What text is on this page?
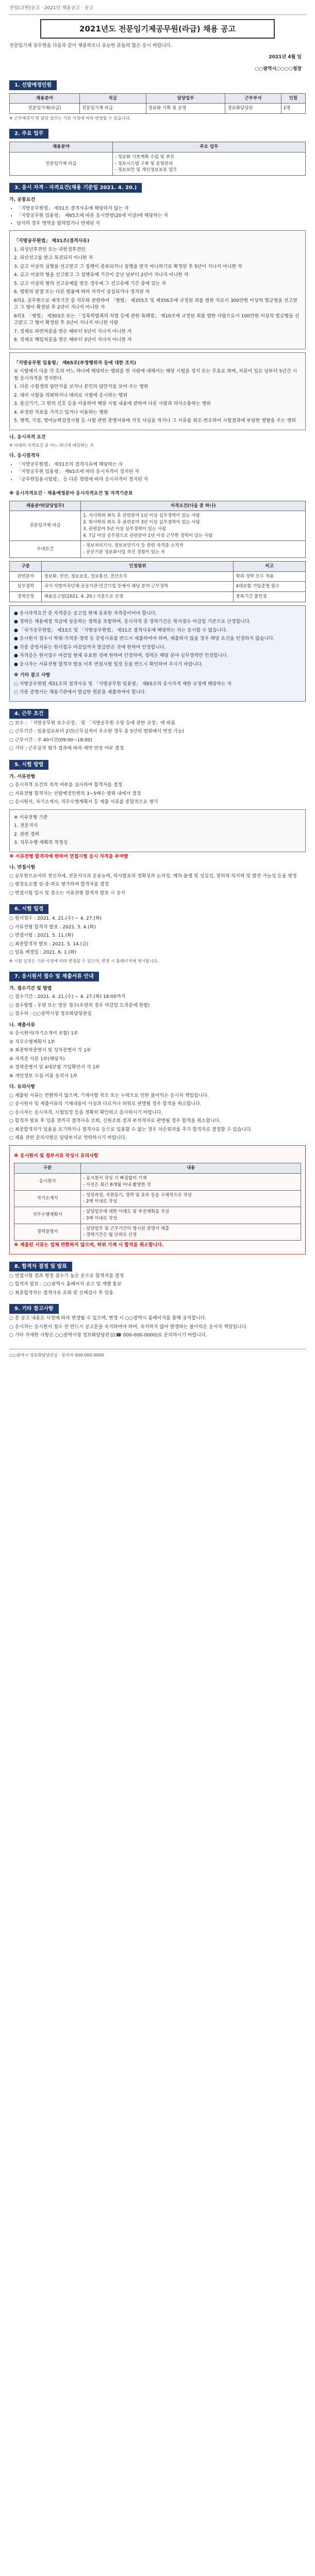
전임(교원)공고 · 2021년 채용공고 · 공고
2021년도 전문임기제공무원(라급) 채용 공고

전문임기제 공무원을 다음과 같이 채용하오니 유능한 분들의 많은 응시 바랍니다.

2021년 4월 일
○○광역시○○○○청장
1. 선발예정인원
채용분야	직급	담당업무	근무부서	인원
전문임기제(라급)	전문임기제 라급	정보화 기획 및 운영	정보화담당관	1명

※ 근무예정지 및 담당 업무는 기관 사정에 따라 변경될 수 있습니다.

2. 주요 업무
채용분야	주요 업무
전문임기제 라급	- 정보화 기본계획 수립 및 추진
- 정보시스템 구축 및 운영관리
- 정보보안 및 개인정보보호 업무
3. 응시 자격 · 자격요건(채용 기준일 2021. 4. 20.)
가. 공통요건
• 「지방공무원법」 제31조 결격사유에 해당하지 않는 자
• 「지방공무원 임용령」 제65조에 따른 응시연령(20세 이상)에 해당하는 자
• 남자의 경우 병역을 필하였거나 면제된 자
「지방공무원법」 제31조(결격사유)

1. 피성년후견인 또는 피한정후견인

2. 파산선고를 받고 복권되지 아니한 자

3. 금고 이상의 실형을 선고받고 그 집행이 종료되거나 집행을 받지 아니하기로 확정된 후 5년이 지나지 아니한 자

4. 금고 이상의 형을 선고받고 그 집행유예 기간이 끝난 날부터 2년이 지나지 아니한 자

5. 금고 이상의 형의 선고유예를 받은 경우에 그 선고유예 기간 중에 있는 자

6. 법원의 판결 또는 다른 법률에 따라 자격이 상실되거나 정지된 자

6의2. 공무원으로 재직기간 중 직무와 관련하여 「형법」 제355조 및 제356조에 규정된 죄를 범한 자로서 300만원 이상의 벌금형을 선고받고 그 형이 확정된 후 2년이 지나지 아니한 자

6의3. 「형법」 제303조 또는 「성폭력범죄의 처벌 등에 관한 특례법」 제10조에 규정된 죄를 범한 사람으로서 100만원 이상의 벌금형을 선고받고 그 형이 확정된 후 3년이 지나지 아니한 사람

7. 징계로 파면처분을 받은 때부터 5년이 지나지 아니한 자

8. 징계로 해임처분을 받은 때부터 3년이 지나지 아니한 자

「지방공무원 임용령」 제65조(부정행위자 등에 대한 조치)

① 시험에서 다음 각 호의 어느 하나에 해당하는 행위를 한 사람에 대해서는 해당 시험을 정지 또는 무효로 하며, 처분이 있은 날부터 5년간 시험 응시자격을 정지한다.

1. 다른 수험생의 답안지를 보거나 본인의 답안지를 보여 주는 행위

2. 대리 시험을 의뢰하거나 대리로 시험에 응시하는 행위

3. 통신기기, 그 밖의 신호 등을 이용하여 해당 시험 내용에 관하여 다른 사람과 의사소통하는 행위

4. 부정한 자료를 가지고 있거나 이용하는 행위

5. 병역, 가점, 영어능력검정시험 등 시험 관련 증명서류에 거짓 사실을 적거나 그 서류를 위조·변조하여 시험결과에 부당한 영향을 주는 행위

나. 응시자격 요건

※ 아래의 자격요건 중 어느 하나에 해당하는 자

다. 응시결격자
• 「지방공무원법」 제31조의 결격사유에 해당하는 자
• 「지방공무원 임용령」 제65조에 따라 응시자격이 정지된 자
• 「공무원임용시험령」 등 다른 법령에 따라 응시자격이 정지된 자
※ 응시자격요건 · 채용예정분야 응시자격요건 및 자격기준표
채용분야(담당업무)	자격요건(다음 중 하나)
전문임기제 라급	1. 석사학위 취득 후 관련분야 1년 이상 실무경력이 있는 사람
2. 학사학위 취득 후 관련분야 3년 이상 실무경력이 있는 사람
3. 관련분야 5년 이상 실무경력이 있는 사람
4. 7급 이상 공무원으로 관련분야 1년 이상 근무한 경력이 있는 사람
우대요건	- 정보처리기사, 정보보안기사 등 관련 자격증 소지자
- 공공기관 정보화사업 추진 경험이 있는 자
구분	인정범위	비고
관련분야	정보화, 전산, 정보보호, 정보통신, 전산조직	학위·경력 모두 적용
실무경력	국가·지방자치단체·공공기관·민간기업 등에서 해당 분야 근무경력	4대보험 가입증명 필수
경력산정	채용공고일(2021. 4. 20.) 기준으로 산정	중복기간 불인정

● 응시자격요건 중 자격증은 공고일 현재 유효한 자격증이어야 합니다.

● 경력은 채용예정 직급에 상응하는 경력을 포함하며, 응시자격 중 경력기간은 원서접수 마감일 기준으로 산정합니다.

● 「국가공무원법」 제33조 및 「지방공무원법」 제31조 결격사유에 해당하는 자는 응시할 수 없습니다.

● 응시원서 접수시 학위·자격증·경력 등 증빙서류를 반드시 제출하여야 하며, 제출하지 않을 경우 해당 요건을 인정하지 않습니다.

● 각종 증빙서류는 원서접수 마감일까지 발급받은 것에 한하여 인정합니다.

● 자격증은 원서접수 마감일 현재 유효한 것에 한하여 인정하며, 경력은 해당 분야 실무경력만 인정합니다.

● 응시자는 서류전형 합격자 발표 이후 면접시험 일정 등을 반드시 확인하여 주시기 바랍니다.

※ 기타 참고 사항

○ 지방공무원법 제31조의 결격사유 및 「지방공무원 임용령」 제65조의 응시자격 제한 규정에 해당하는 자

○ 각종 증명서는 채용기관에서 발급한 원본을 제출하여야 합니다.

4. 근무 조건

○ 보수 : 「지방공무원 보수규정」 및 「지방공무원 수당 등에 관한 규정」에 따름

○ 근무기간 : 임용일로부터 2년(근무실적이 우수한 경우 총 5년의 범위에서 연장 가능)

○ 근무시간 : 주 40시간(09:00~18:00)

○ 기타 : 근무실적 평가 결과에 따라 계약 연장 여부 결정

5. 시험 방법
가. 서류전형

○ 응시자격 요건의 적격 여부를 심사하여 합격자를 결정

○ 서류전형 합격자는 선발예정인원의 3~5배수 범위 내에서 결정

○ 응시원서, 자기소개서, 직무수행계획서 등 제출 서류를 종합적으로 평가

※ 서류전형 기준

1. 전문지식

2. 관련 경력

3. 직무수행 계획의 적정성

※ 서류전형 합격자에 한하여 면접시험 응시 자격을 부여함

나. 면접시험

○ 공무원으로서의 정신자세, 전문지식과 응용능력, 의사발표의 정확성과 논리성, 예의·품행 및 성실성, 창의력·의지력 및 발전 가능성 등을 평정

○ 평정요소별 상·중·하로 평가하여 합격자를 결정

○ 면접시험 일시 및 장소는 서류전형 합격자 발표 시 공지

6. 시험 일정

○ 원서접수 : 2021. 4. 21.(수) ~ 4. 27.(화)

○ 서류전형 합격자 발표 : 2021. 5. 4.(화)

○ 면접시험 : 2021. 5. 11.(화)

○ 최종합격자 발표 : 2021. 5. 14.(금)

○ 임용 예정일 : 2021. 6. 1.(화)

※ 시험 일정은 기관 사정에 따라 변경될 수 있으며, 변경 시 홈페이지에 게시합니다.

7. 응시원서 접수 및 제출서류 안내
가. 접수기간 및 방법

○ 접수기간 : 2021. 4. 21.(수) ~ 4. 27.(화) 18:00까지

○ 접수방법 : 우편 또는 방문 접수(우편의 경우 마감일 도착분에 한함)

○ 접수처 : ○○광역시청 정보화담당관실

나. 제출서류

① 응시원서(자기소개서 포함) 1부

② 직무수행계획서 1부

③ 최종학력증명서 및 성적증명서 각 1부

④ 자격증 사본 1부(해당자)

⑤ 경력증명서 및 4대보험 가입확인서 각 1부

⑥ 개인정보 수집·이용 동의서 1부

다. 유의사항

○ 제출된 서류는 반환하지 않으며, 기재사항 착오 또는 누락으로 인한 불이익은 응시자 책임입니다.

○ 응시원서 및 제출서류의 기재내용이 사실과 다르거나 허위로 판명될 경우 합격을 취소합니다.

○ 응시자는 응시자격, 시험일정 등을 정확히 확인하고 응시하시기 바랍니다.

○ 합격자 발표 후 임용 전까지 결격사유 조회, 신원조회 결과 부적격자로 판명될 경우 합격을 취소합니다.

○ 최종합격자가 임용을 포기하거나 결격사유 등으로 임용할 수 없는 경우 차순위자를 추가 합격자로 결정할 수 있습니다.

○ 채용 관련 문의사항은 담당부서로 연락하시기 바랍니다.

※ 응시원서 및 첨부서류 작성시 유의사항
구분	내용
응시원서	- 응시원서 작성 시 빠짐없이 기재
- 사진은 최근 6개월 이내 촬영한 것
자기소개서	- 성장과정, 지원동기, 경력 및 포부 등을 구체적으로 작성
- 2매 이내로 작성
직무수행계획서	- 담당업무에 대한 이해도 및 추진계획을 작성
- 3매 이내로 작성
경력증명서	- 담당업무 및 근무기간이 명시된 증명서 제출
- 경력기간은 월 단위로 산정

※ 제출된 서류는 일체 반환하지 않으며, 허위 기재 시 합격을 취소합니다.

8. 합격자 결정 및 발표

○ 면접시험 결과 평정 점수가 높은 순으로 합격자를 결정

○ 합격자 발표 : ○○광역시 홈페이지 공고 및 개별 통보

○ 최종합격자는 결격사유 조회 및 신체검사 후 임용

9. 기타 참고사항

○ 본 공고 내용은 사정에 따라 변경될 수 있으며, 변경 시 ○○광역시 홈페이지를 통해 공지합니다.

○ 응시자는 응시원서 접수 전 반드시 공고문을 숙지하여야 하며, 숙지하지 않아 발생하는 불이익은 응시자 책임입니다.

○ 기타 자세한 사항은 ○○광역시청 정보화담당관실(☎ 000-000-0000)로 문의하시기 바랍니다.

○○광역시 정보화담당관실 · 문의처 000-000-0000
